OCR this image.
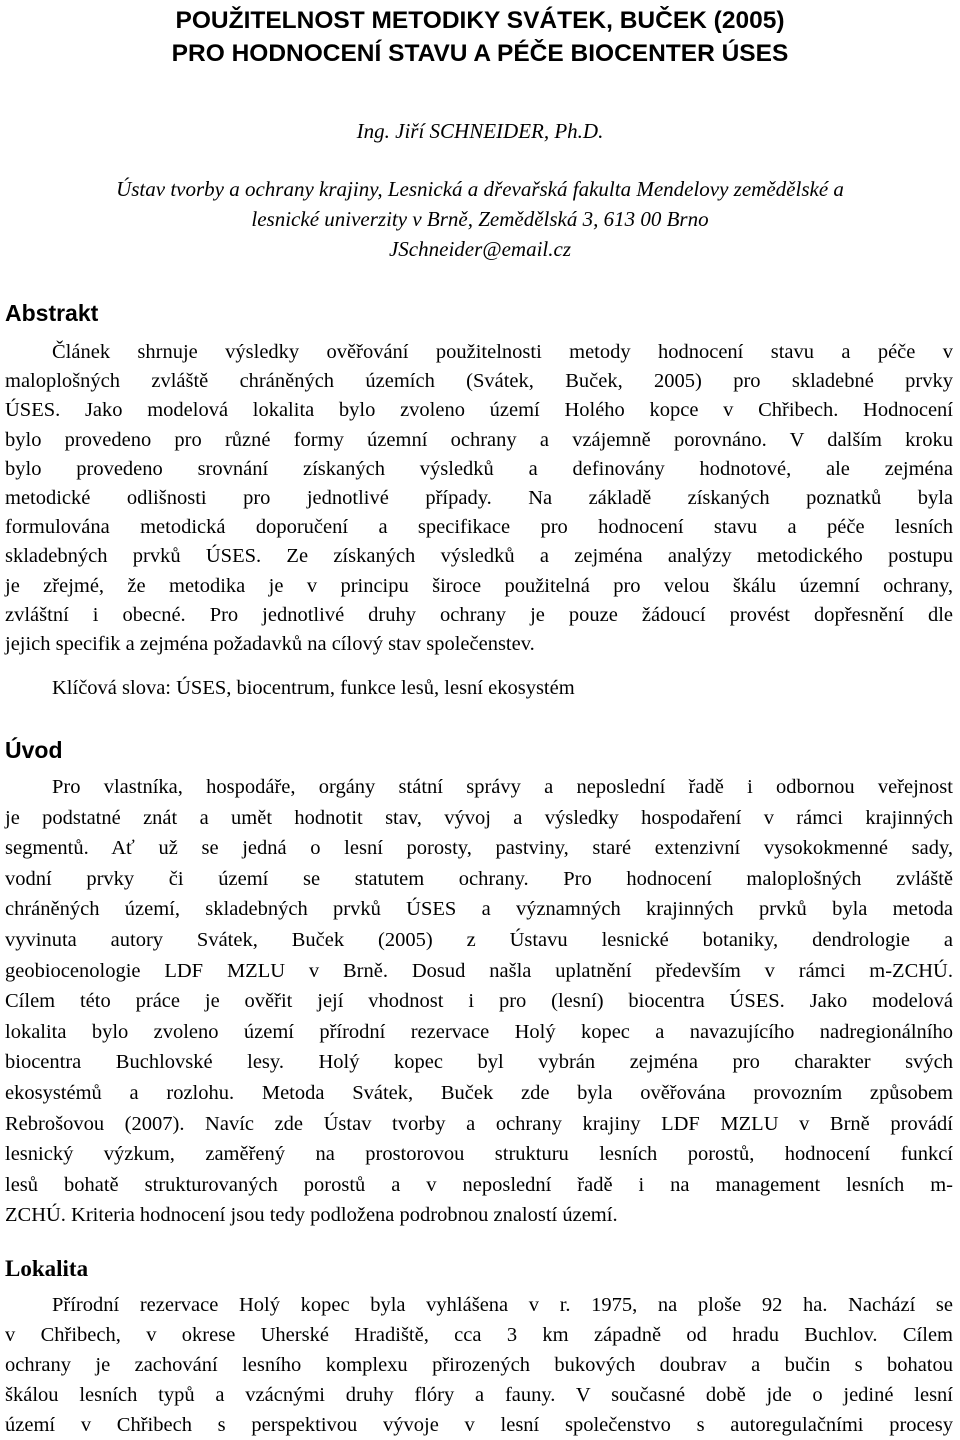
POUŽITELNOST METODIKY SVÁTEK, BUČEK (2005)
PRO HODNOCENÍ STAVU A PÉČE BIOCENTER ÚSES

Ing. Jiří SCHNEIDER, Ph.D.

Ústav tvorby a ochrany krajiny, Lesnická a dřevařská fakulta Mendelovy zemědělské a
lesnické univerzity v Brně, Zemědělská 3, 613 00 Brno
JSchneider@email.cz

Abstrakt

Článek shrnuje výsledky ověřování použitelnosti metody hodnocení stavu a péče v
maloplošných zvláště chráněných územích (Svátek, Buček, 2005) pro skladebné prvky
ÚSES. Jako modelová lokalita bylo zvoleno území Holého kopce v Chřibech. Hodnocení
bylo provedeno pro různé formy územní ochrany a vzájemně porovnáno. V dalším kroku
bylo provedeno srovnání získaných výsledků a definovány hodnotové, ale zejména
metodické odlišnosti pro jednotlivé případy. Na základě získaných poznatků byla
formulována metodická doporučení a specifikace pro hodnocení stavu a péče lesních
skladebných prvků ÚSES. Ze získaných výsledků a zejména analýzy metodického postupu
je zřejmé, že metodika je v principu široce použitelná pro velou škálu územní ochrany,
zvláštní i obecné. Pro jednotlivé druhy ochrany je pouze žádoucí provést dopřesnění dle
jejich specifik a zejména požadavků na cílový stav společenstev.

Klíčová slova: ÚSES, biocentrum, funkce lesů, lesní ekosystém

Úvod

Pro vlastníka, hospodáře, orgány státní správy a neposlední řadě i odbornou veřejnost
je podstatné znát a umět hodnotit stav, vývoj a výsledky hospodaření v rámci krajinných
segmentů. Ať už se jedná o lesní porosty, pastviny, staré extenzivní vysokokmenné sady,
vodní prvky či území se statutem ochrany. Pro hodnocení maloplošných zvláště
chráněných území, skladebných prvků ÚSES a významných krajinných prvků byla metoda
vyvinuta autory Svátek, Buček (2005) z Ústavu lesnické botaniky, dendrologie a
geobiocenologie LDF MZLU v Brně. Dosud našla uplatnění především v rámci m-ZCHÚ.
Cílem této práce je ověřit její vhodnost i pro (lesní) biocentra ÚSES. Jako modelová
lokalita bylo zvoleno území přírodní rezervace Holý kopec a navazujícího nadregionálního
biocentra Buchlovské lesy. Holý kopec byl vybrán zejména pro charakter svých
ekosystémů a rozlohu. Metoda Svátek, Buček zde byla ověřována provozním způsobem
Rebrošovou (2007). Navíc zde Ústav tvorby a ochrany krajiny LDF MZLU v Brně provádí
lesnický výzkum, zaměřený na prostorovou strukturu lesních porostů, hodnocení funkcí
lesů bohatě strukturovaných porostů a v neposlední řadě i na management lesních m-
ZCHÚ. Kriteria hodnocení jsou tedy podložena podrobnou znalostí území.

Lokalita

Přírodní rezervace Holý kopec byla vyhlášena v r. 1975, na ploše 92 ha. Nachází se
v Chřibech, v okrese Uherské Hradiště, cca 3 km západně od hradu Buchlov. Cílem
ochrany je zachování lesního komplexu přirozených bukových doubrav a bučin s bohatou
škálou lesních typů a vzácnými druhy flóry a fauny. V současné době jde o jediné lesní
území v Chřibech s perspektivou vývoje v lesní společenstvo s autoregulačními procesy
